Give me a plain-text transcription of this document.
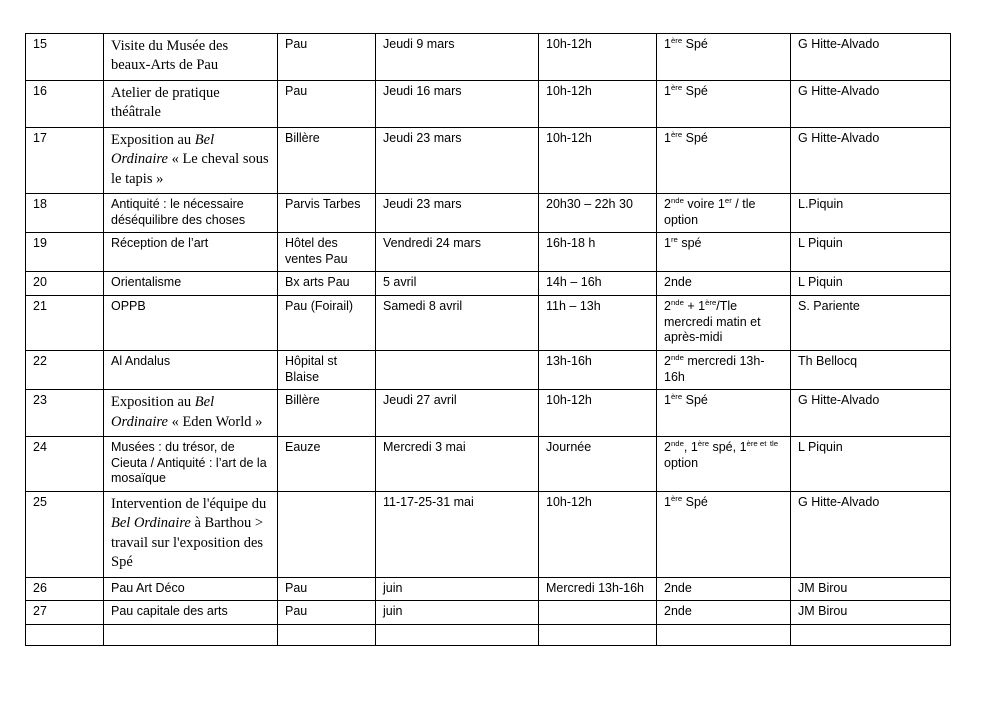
15	Visite du Musée des beaux-Arts de Pau	Pau	Jeudi 9 mars	10h-12h	1ère Spé	G Hitte-Alvado
16	Atelier de pratique théâtrale	Pau	Jeudi 16 mars	10h-12h	1ère Spé	G Hitte-Alvado
17	Exposition au Bel Ordinaire « Le cheval sous le tapis »	Billère	Jeudi 23 mars	10h-12h	1ère Spé	G Hitte-Alvado
18	Antiquité : le nécessaire déséquilibre des choses	Parvis Tarbes	Jeudi 23 mars	20h30 – 22h 30	2nde voire 1er / tle option	L.Piquin
19	Réception de l’art	Hôtel des ventes Pau	Vendredi 24 mars	16h-18 h	1re spé	L Piquin
20	Orientalisme	Bx arts Pau	5 avril	14h – 16h	2nde	L Piquin
21	OPPB	Pau (Foirail)	Samedi 8 avril	11h – 13h	2nde + 1ère/Tle mercredi matin et après-midi	S. Pariente
22	Al Andalus	Hôpital st Blaise		13h-16h	2nde mercredi 13h-16h	Th Bellocq
23	Exposition au Bel Ordinaire « Eden World »	Billère	Jeudi 27 avril	10h-12h	1ère Spé	G Hitte-Alvado
24	Musées : du trésor, de Cieuta / Antiquité : l’art de la mosaïque	Eauze	Mercredi 3 mai	Journée	2nde, 1ère spé, $1^{ère et}$ $^{tle}$ option	L Piquin
25	Intervention de l'équipe du Bel Ordinaire à Barthou > travail sur l'exposition des Spé		11-17-25-31 mai	10h-12h	1ère Spé	G Hitte-Alvado
26	Pau Art Déco	Pau	juin	Mercredi 13h-16h	2nde	JM Birou
27	Pau capitale des arts	Pau	juin		2nde	JM Birou
